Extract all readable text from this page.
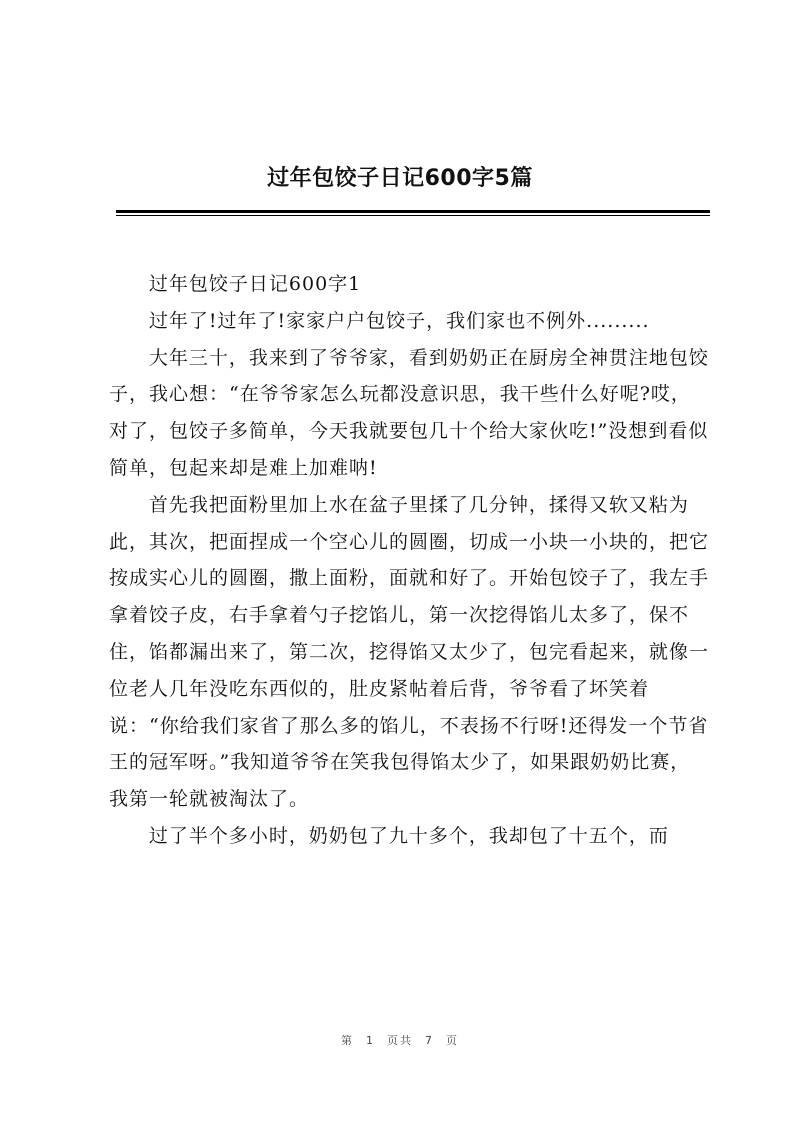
过年包饺子日记600字5篇

过年包饺子日记600字1

过年了!过年了!家家户户包饺子，我们家也不例外.........

大年三十，我来到了爷爷家，看到奶奶正在厨房全神贯注地包饺子，我心想：“在爷爷家怎么玩都没意识思，我干些什么好呢?哎，对了，包饺子多简单，今天我就要包几十个给大家伙吃!”没想到看似简单，包起来却是难上加难呐!

首先我把面粉里加上水在盆子里揉了几分钟，揉得又软又粘为此，其次，把面捏成一个空心儿的圆圈，切成一小块一小块的，把它按成实心儿的圆圈，撒上面粉，面就和好了。开始包饺子了，我左手拿着饺子皮，右手拿着勺子挖馅儿，第一次挖得馅儿太多了，保不住，馅都漏出来了，第二次，挖得馅又太少了，包完看起来，就像一位老人几年没吃东西似的，肚皮紧帖着后背，爷爷看了坏笑着说：“你给我们家省了那么多的馅儿，不表扬不行呀!还得发一个节省王的冠军呀。”我知道爷爷在笑我包得馅太少了，如果跟奶奶比赛，我第一轮就被淘汰了。

过了半个多小时，奶奶包了九十多个，我却包了十五个，而

第 1 页共 7 页
